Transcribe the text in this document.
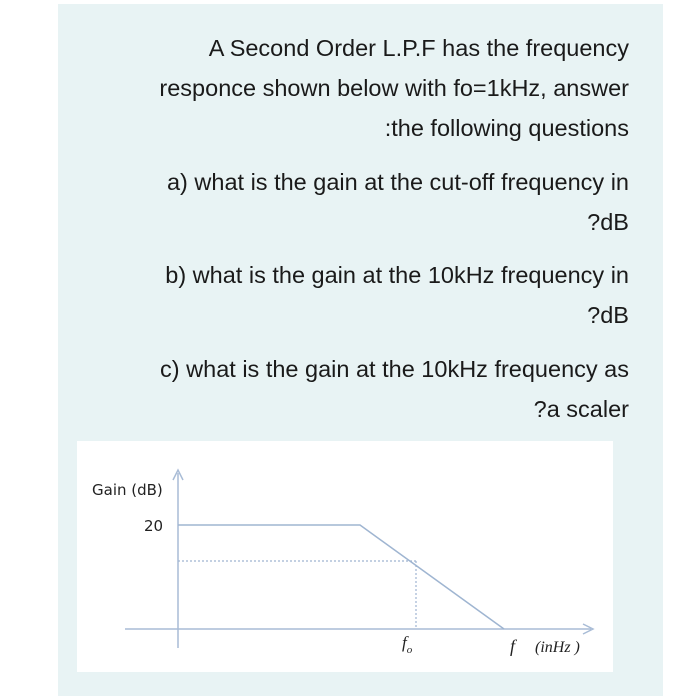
A Second Order L.P.F has the frequency
responce shown below with fo=1kHz, answer
:the following questions

a) what is the gain at the cut-off frequency in
?dB

b) what is the gain at the 10kHz frequency in
?dB

c) what is the gain at the 10kHz frequency as
?a scaler

Gain (dB)
20
$f_o$	f (inHz )
